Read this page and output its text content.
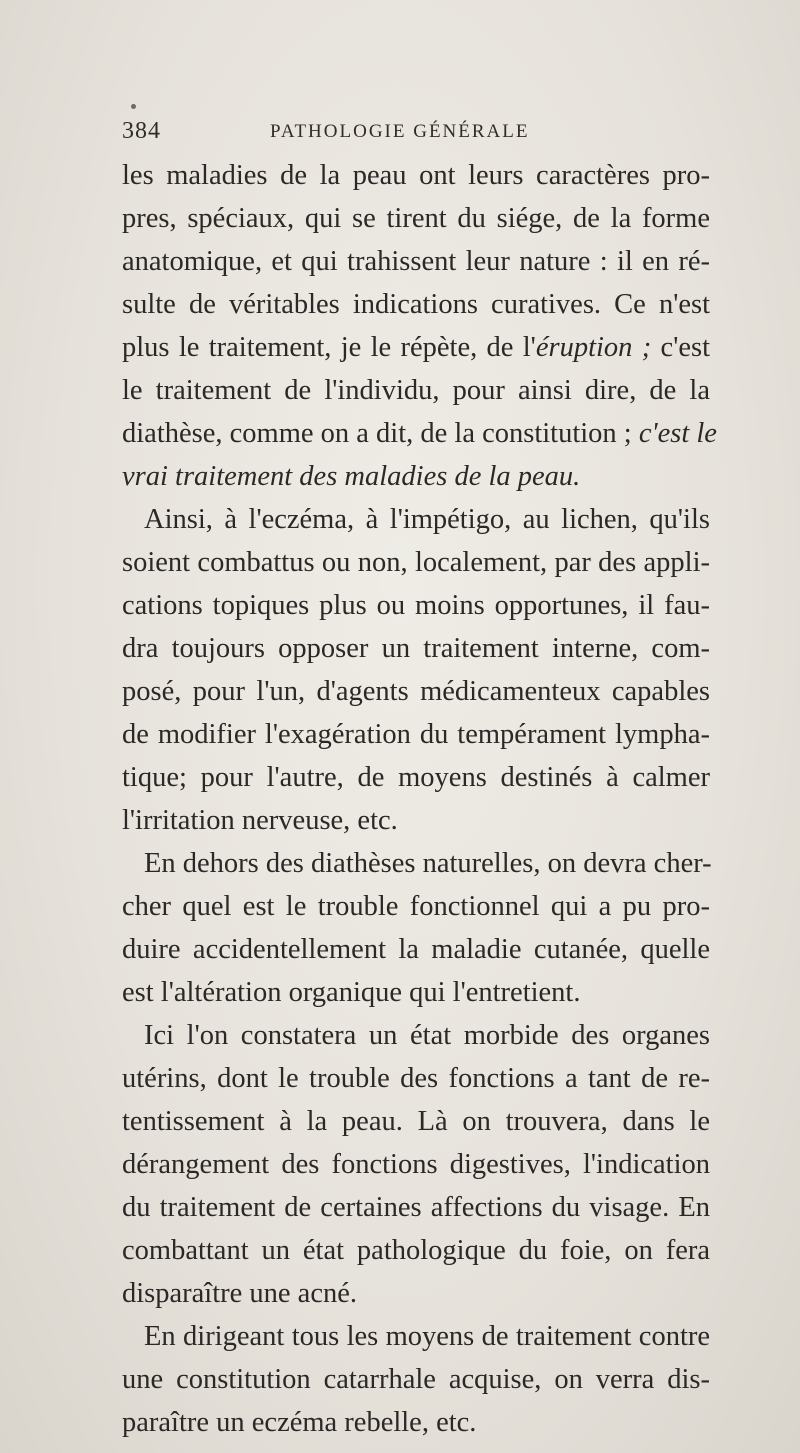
384	PATHOLOGIE GÉNÉRALE
les maladies de la peau ont leurs caractères pro-
pres, spéciaux, qui se tirent du siége, de la forme
anatomique, et qui trahissent leur nature : il en ré-
sulte de véritables indications curatives. Ce n'est
plus le traitement, je le répète, de l'éruption ; c'est
le traitement de l'individu, pour ainsi dire, de la
diathèse, comme on a dit, de la constitution ; c'est le
vrai traitement des maladies de la peau.
Ainsi, à l'eczéma, à l'impétigo, au lichen, qu'ils
soient combattus ou non, localement, par des appli-
cations topiques plus ou moins opportunes, il fau-
dra toujours opposer un traitement interne, com-
posé, pour l'un, d'agents médicamenteux capables
de modifier l'exagération du tempérament lympha-
tique; pour l'autre, de moyens destinés à calmer
l'irritation nerveuse, etc.
En dehors des diathèses naturelles, on devra cher-
cher quel est le trouble fonctionnel qui a pu pro-
duire accidentellement la maladie cutanée, quelle
est l'altération organique qui l'entretient.
Ici l'on constatera un état morbide des organes
utérins, dont le trouble des fonctions a tant de re-
tentissement à la peau. Là on trouvera, dans le
dérangement des fonctions digestives, l'indication
du traitement de certaines affections du visage. En
combattant un état pathologique du foie, on fera
disparaître une acné.
En dirigeant tous les moyens de traitement contre
une constitution catarrhale acquise, on verra dis-
paraître un eczéma rebelle, etc.
